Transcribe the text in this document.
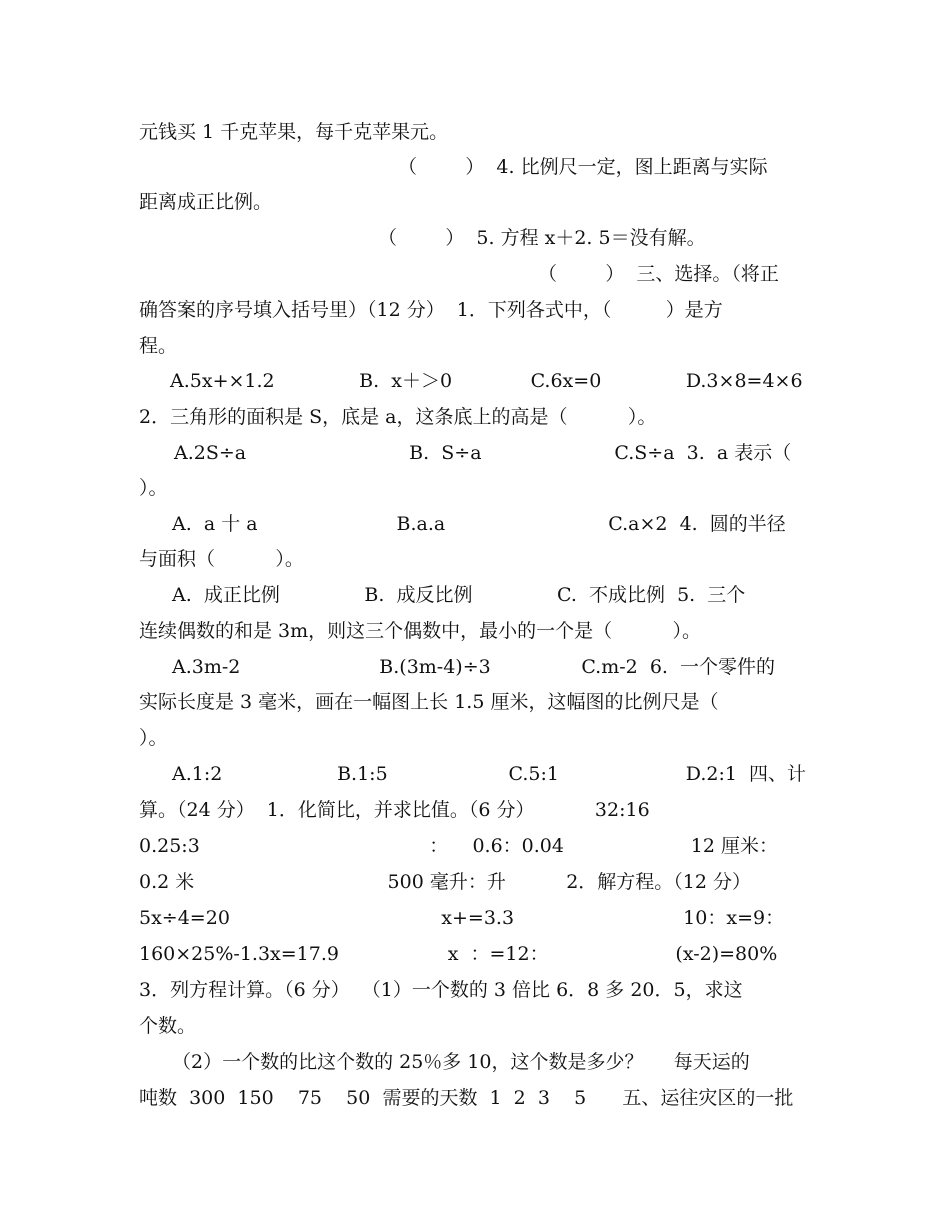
元钱买 1 千克苹果，每千克苹果元。
（        ）  4. 比例尺一定，图上距离与实际
距离成正比例。
（        ）  5. 方程 x＋2. 5＝没有解。
（        ）  三、选择。（将正
确答案的序号填入括号里）（12 分）  1．下列各式中，（         ）是方
程。
A.5x+×1.2              B.  x＋＞0             C.6x=0              D.3×8=4×6
2．三角形的面积是 S，底是 a，这条底上的高是（          ）。
A.2S÷a                           B.  S÷a                      C.S÷a  3.  a 表示（
）。
A.  a 十 a                       B.a.a                           C.a×2  4.  圆的半径
与面积（          ）。
A.  成正比例              B.  成反比例              C.  不成比例  5.  三个
连续偶数的和是 3m，则这三个偶数中，最小的一个是（          ）。
A.3m-2                       B.(3m-4)÷3               C.m-2  6.  一个零件的
实际长度是 3 毫米，画在一幅图上长 1.5 厘米，这幅图的比例尺是（
）。
A.1:2                   B.1:5                    C.5:1                     D.2:1  四、计
算。（24 分）  1．化简比，并求比值。（6 分）          32:16
0.25:3                                      ：    0.6：0.04                     12 厘米：
0.2 米                                500 毫升：升          2．解方程。（12 分）
5x÷4=20                                   x+=3.3                            10：x=9：
160×25%-1.3x=17.9                  x  ：=12：                     (x-2)=80%
3．列方程计算。（6 分）  （1）一个数的 3 倍比 6．8 多 20．5，求这
个数。
（2）一个数的比这个数的 25％多 10，这个数是多少？     每天运的
吨数  300  150    75    50  需要的天数  1  2  3    5      五、运往灾区的一批
